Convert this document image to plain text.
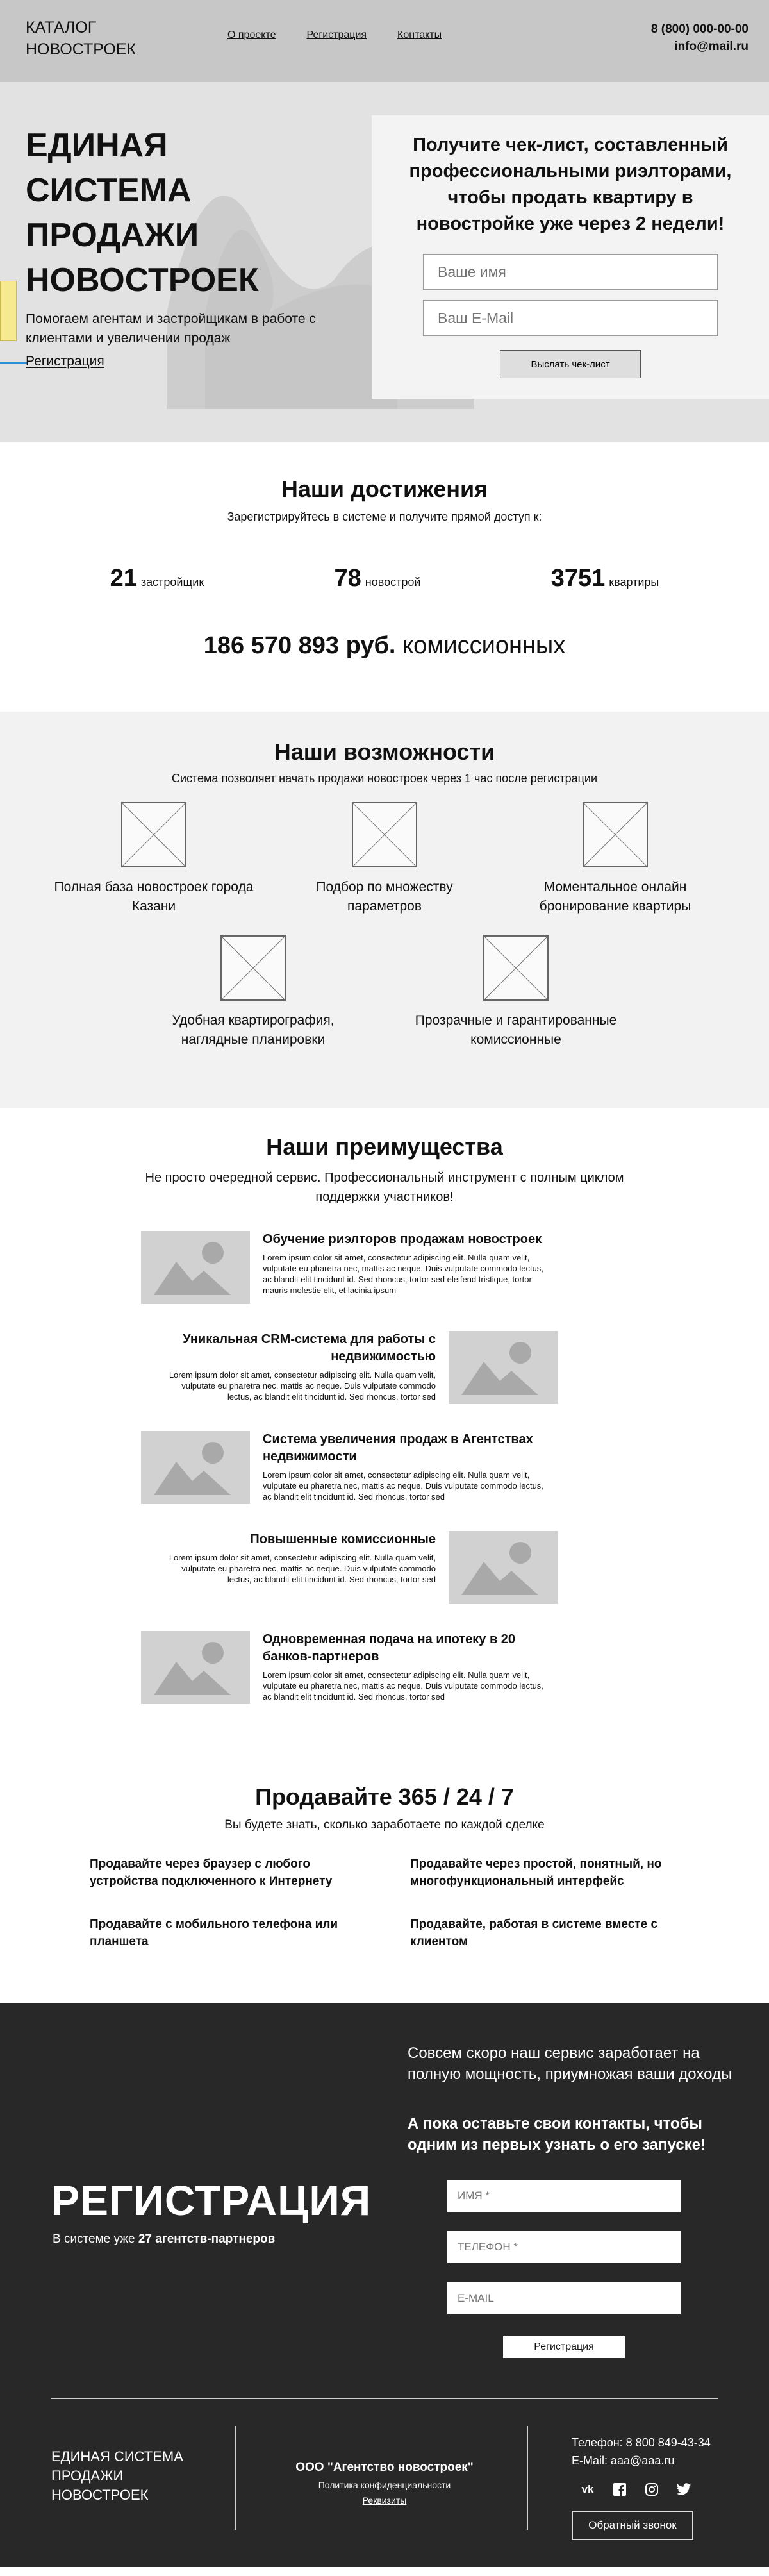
КАТАЛОГ НОВОСТРОЕК
О проекте	Регистрация	Контакты	8 (800) 000-00-00
info@mail.ru
ЕДИНАЯ СИСТЕМА ПРОДАЖИ НОВОСТРОЕК

Помогаем агентам и застройщикам в работе с клиентами и увеличении продаж

Регистрация
Получите чек-лист, составленный профессиональными риэлторами, чтобы продать квартиру в новостройке уже через 2 недели!
Ваше имя
Ваш E-Mail
Выслать чек-лист
Наши достижения

Зарегистрируйтесь в системе и получите прямой доступ к:

21 застройщик	78 новострой	3751 квартиры
186 570 893 руб. комиссионных
Наши возможности

Система позволяет начать продажи новостроек через 1 час после регистрации

Полная база новостроек города Казани
Подбор по множеству параметров
Моментальное онлайн бронирование квартиры
Удобная квартирография, наглядные планировки
Прозрачные и гарантированные комиссионные
Наши преимущества

Не просто очередной сервис. Профессиональный инструмент с полным циклом поддержки участников!

Обучение риэлторов продажам новостроек
Lorem ipsum dolor sit amet, consectetur adipiscing elit. Nulla quam velit, vulputate eu pharetra nec, mattis ac neque. Duis vulputate commodo lectus, ac blandit elit tincidunt id. Sed rhoncus, tortor sed eleifend tristique, tortor mauris molestie elit, et lacinia ipsum
Уникальная CRM-система для работы с недвижимостью
Lorem ipsum dolor sit amet, consectetur adipiscing elit. Nulla quam velit, vulputate eu pharetra nec, mattis ac neque. Duis vulputate commodo lectus, ac blandit elit tincidunt id. Sed rhoncus, tortor sed
Система увеличения продаж в Агентствах недвижимости
Lorem ipsum dolor sit amet, consectetur adipiscing elit. Nulla quam velit, vulputate eu pharetra nec, mattis ac neque. Duis vulputate commodo lectus, ac blandit elit tincidunt id. Sed rhoncus, tortor sed
Повышенные комиссионные
Lorem ipsum dolor sit amet, consectetur adipiscing elit. Nulla quam velit, vulputate eu pharetra nec, mattis ac neque. Duis vulputate commodo lectus, ac blandit elit tincidunt id. Sed rhoncus, tortor sed
Одновременная подача на ипотеку в 20 банков-партнеров
Lorem ipsum dolor sit amet, consectetur adipiscing elit. Nulla quam velit, vulputate eu pharetra nec, mattis ac neque. Duis vulputate commodo lectus, ac blandit elit tincidunt id. Sed rhoncus, tortor sed
Продавайте 365 / 24 / 7

Вы будете знать, сколько заработаете по каждой сделке

Продавайте через браузер с любого устройства подключенного к Интернету
Продавайте через простой, понятный, но многофункциональный интерфейс
Продавайте с мобильного телефона или планшета
Продавайте, работая в системе вместе с клиентом

Совсем скоро наш сервис заработает на полную мощность, приумножая ваши доходы

А пока оставьте свои контакты, чтобы одним из первых узнать о его запуске!

РЕГИСТРАЦИЯ
В системе уже 27 агентств-партнеров
ИМЯ *
ТЕЛЕФОН *
E-MAIL
Регистрация
ЕДИНАЯ СИСТЕМА ПРОДАЖИ НОВОСТРОЕК
ООО "Агентство новостроек"
Политика конфиденциальности
Реквизиты
Телефон: 8 800 849-43-34
E-Mail: aaa@aaa.ru
vk
Обратный звонок
